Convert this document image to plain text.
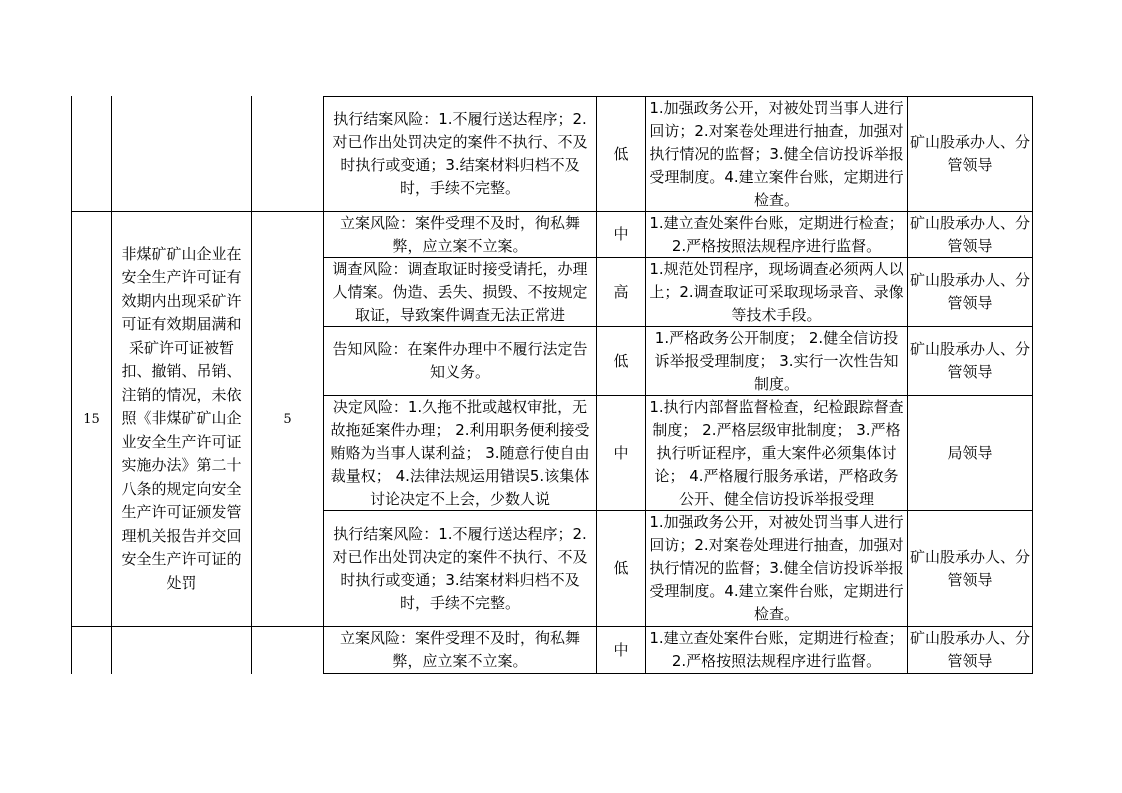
15
非煤矿矿山企业在安全生产许可证有效期内出现采矿许可证有效期届满和采矿许可证被暂扣、撤销、吊销、注销的情况，未依照《非煤矿矿山企业安全生产许可证实施办法》第二十八条的规定向安全生产许可证颁发管理机关报告并交回安全生产许可证的处罚
5
执行结案风险：1.不履行送达程序；2.对已作出处罚决定的案件不执行、不及时执行或变通；3.结案材料归档不及时，手续不完整。
低
1.加强政务公开，对被处罚当事人进行回访；2.对案卷处理进行抽查，加强对执行情况的监督；3.健全信访投诉举报受理制度。4.建立案件台账，定期进行检查。
矿山股承办人、分管领导
立案风险：案件受理不及时，徇私舞弊，应立案不立案。
中
1.建立查处案件台账，定期进行检查；2.严格按照法规程序进行监督。
矿山股承办人、分管领导
调查风险：调查取证时接受请托，办理人情案。伪造、丢失、损毁、不按规定取证，导致案件调查无法正常进
高
1.规范处罚程序，现场调查必须两人以上；2.调查取证可采取现场录音、录像等技术手段。
矿山股承办人、分管领导
告知风险：在案件办理中不履行法定告知义务。
低
1.严格政务公开制度； 2.健全信访投诉举报受理制度； 3.实行一次性告知制度。
矿山股承办人、分管领导
决定风险：1.久拖不批或越权审批，无故拖延案件办理； 2.利用职务便利接受贿赂为当事人谋利益； 3.随意行使自由裁量权； 4.法律法规运用错误5.该集体讨论决定不上会，少数人说
中
1.执行内部督监督检查，纪检跟踪督查制度； 2.严格层级审批制度； 3.严格执行听证程序，重大案件必须集体讨论； 4.严格履行服务承诺，严格政务公开、健全信访投诉举报受理
局领导
执行结案风险：1.不履行送达程序；2.对已作出处罚决定的案件不执行、不及时执行或变通；3.结案材料归档不及时，手续不完整。
低
1.加强政务公开，对被处罚当事人进行回访；2.对案卷处理进行抽查，加强对执行情况的监督；3.健全信访投诉举报受理制度。4.建立案件台账，定期进行检查。
矿山股承办人、分管领导
立案风险：案件受理不及时，徇私舞弊，应立案不立案。
中
1.建立查处案件台账，定期进行检查；2.严格按照法规程序进行监督。
矿山股承办人、分管领导
